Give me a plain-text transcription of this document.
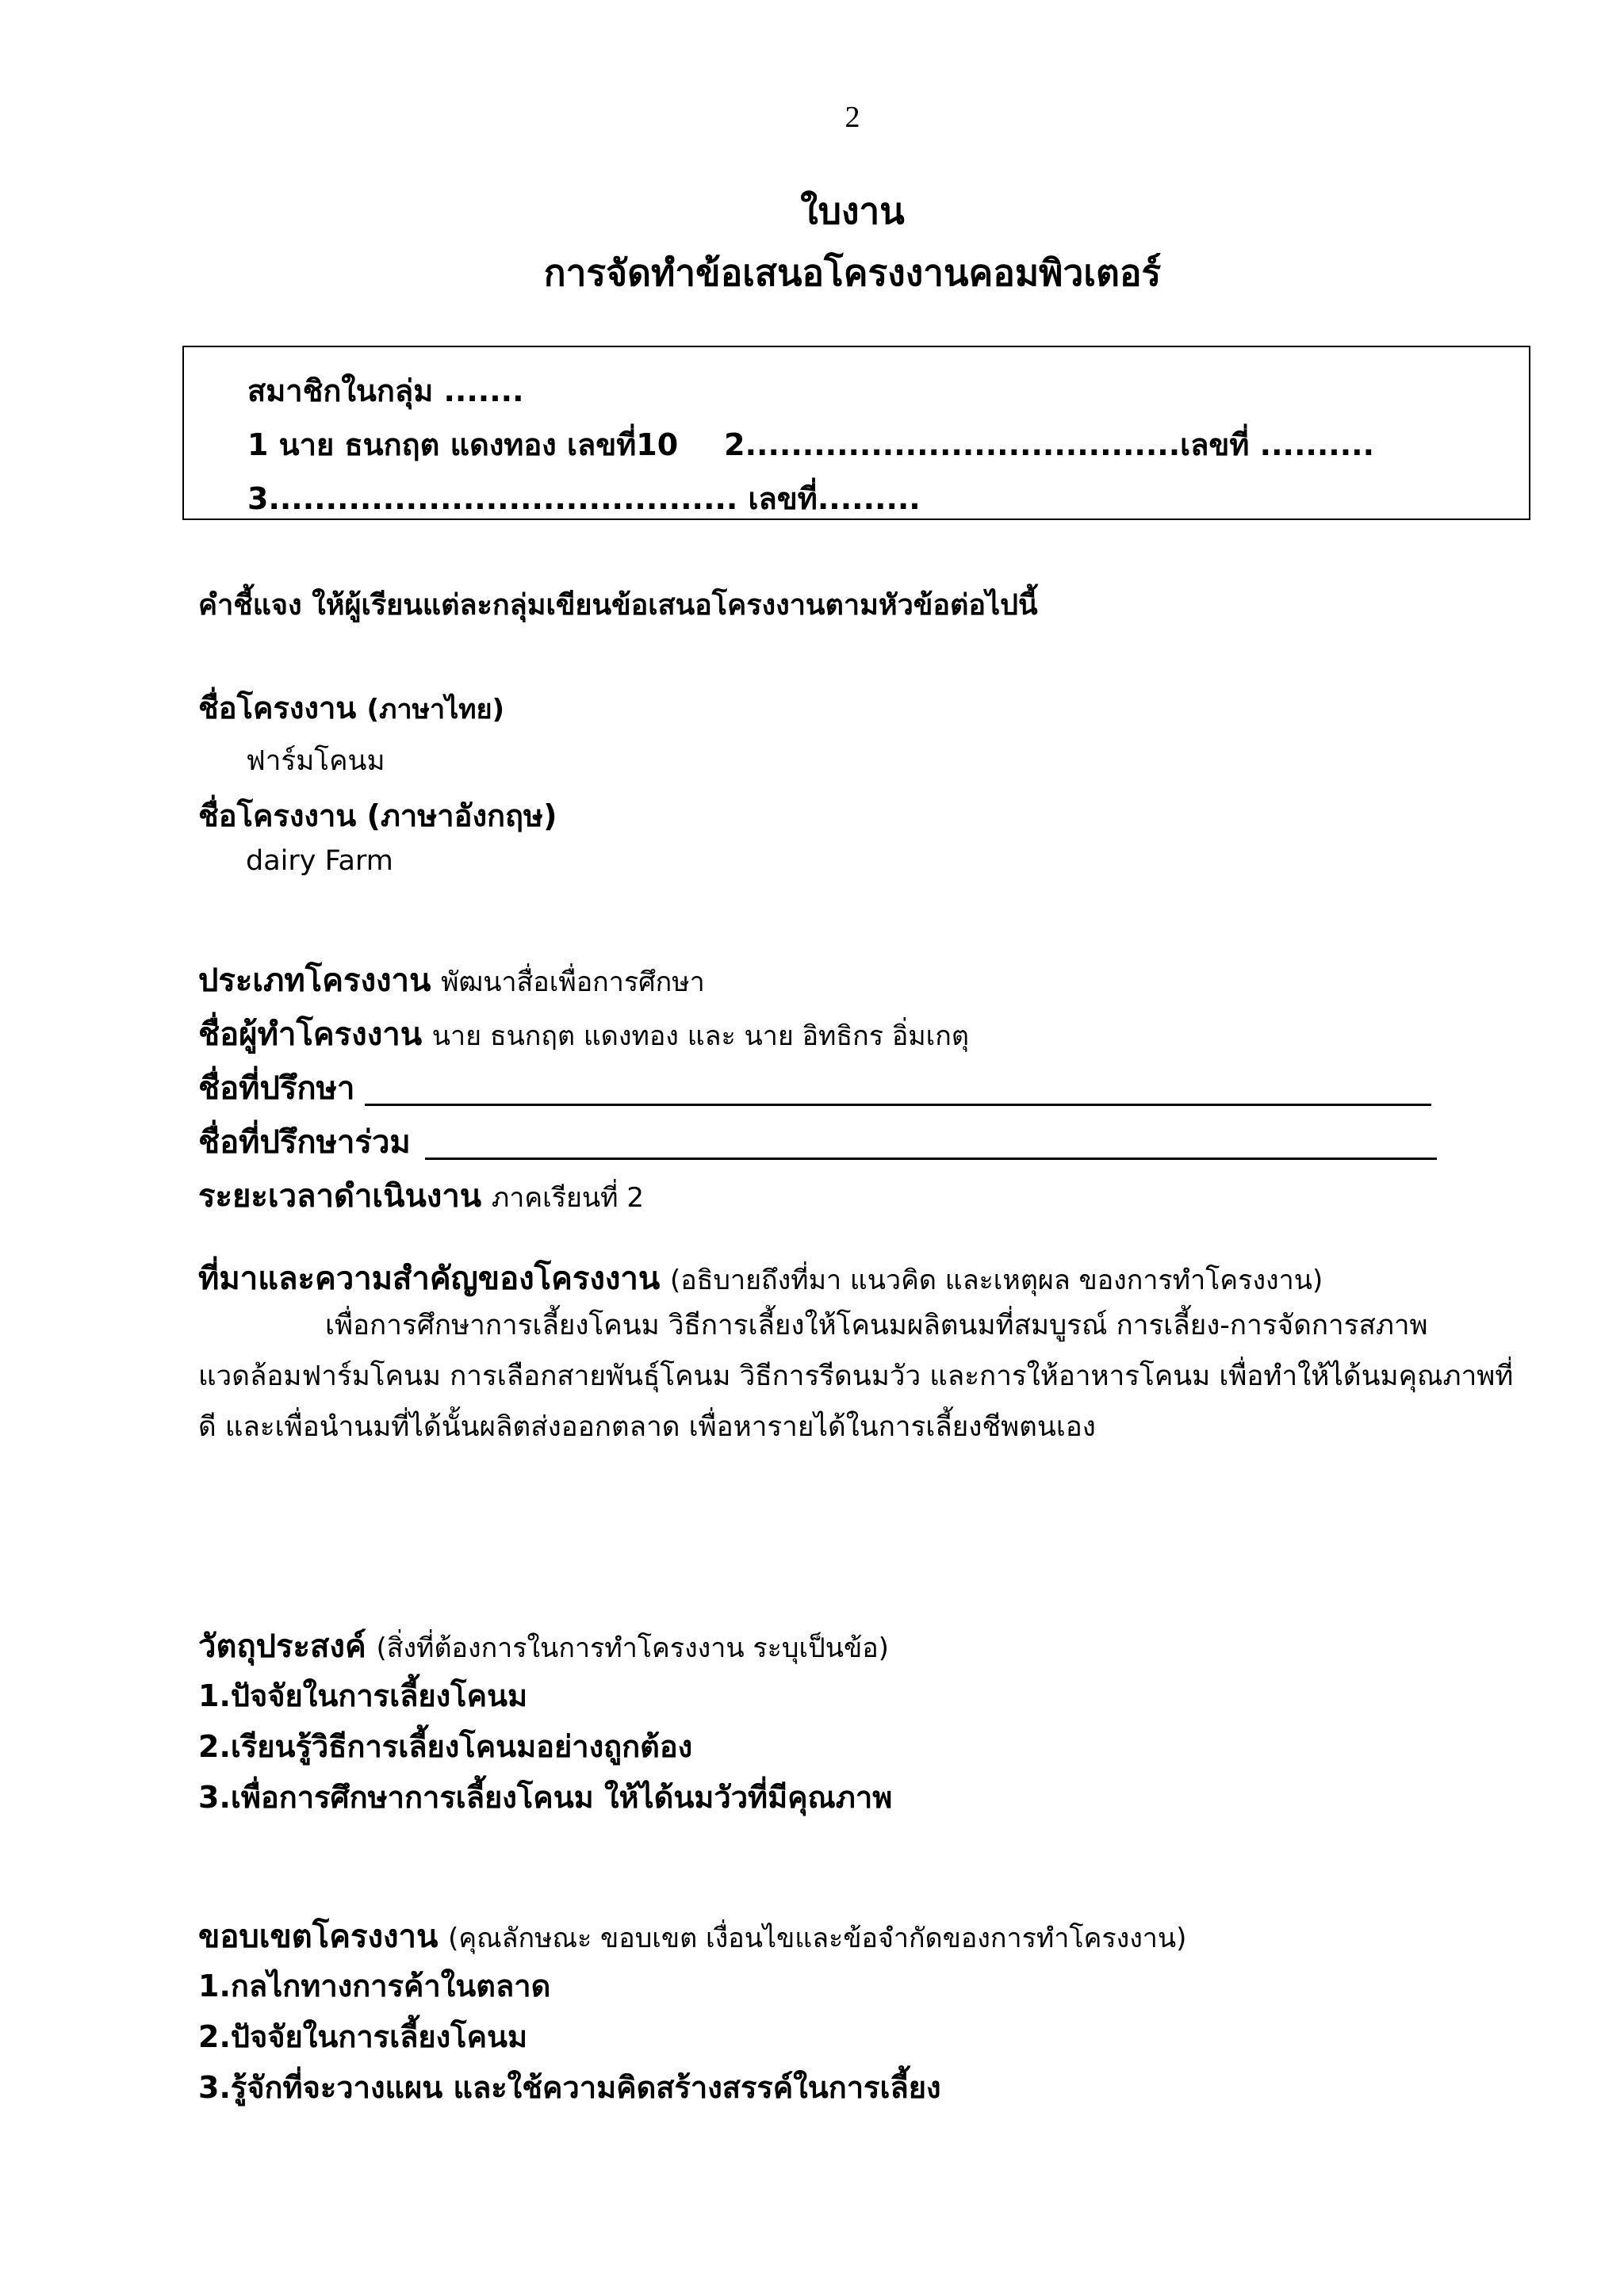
2
ใบงาน
การจัดทำข้อเสนอโครงงานคอมพิวเตอร์
สมาชิกในกลุ่ม .......
1 นาย ธนกฤต แดงทอง เลขที่10 2......................................เลขที่ ..........
3......................................... เลขที่.........
คำชี้แจง ให้ผู้เรียนแต่ละกลุ่มเขียนข้อเสนอโครงงานตามหัวข้อต่อไปนี้
ชื่อโครงงาน (ภาษาไทย)
ฟาร์มโคนม
ชื่อโครงงาน (ภาษาอังกฤษ)
dairy Farm
ประเภทโครงงาน พัฒนาสื่อเพื่อการศึกษา
ชื่อผู้ทำโครงงาน นาย ธนกฤต แดงทอง และ นาย อิทธิกร อิ่มเกตุ
ชื่อที่ปรึกษา
ชื่อที่ปรึกษาร่วม
ระยะเวลาดำเนินงาน ภาคเรียนที่ 2
ที่มาและความสำคัญของโครงงาน (อธิบายถึงที่มา แนวคิด และเหตุผล ของการทำโครงงาน)
เพื่อการศึกษาการเลี้ยงโคนม วิธีการเลี้ยงให้โคนมผลิตนมที่สมบูรณ์ การเลี้ยง-การจัดการสภาพแวดล้อมฟาร์มโคนม การเลือกสายพันธุ์โคนม วิธีการรีดนมวัว และการให้อาหารโคนม เพื่อทำให้ได้นมคุณภาพที่ดี และเพื่อนำนมที่ได้นั้นผลิตส่งออกตลาด เพื่อหารายได้ในการเลี้ยงชีพตนเอง
วัตถุประสงค์ (สิ่งที่ต้องการในการทำโครงงาน ระบุเป็นข้อ)
1.ปัจจัยในการเลี้ยงโคนม
2.เรียนรู้วิธีการเลี้ยงโคนมอย่างถูกต้อง
3.เพื่อการศึกษาการเลี้ยงโคนม ให้ได้นมวัวที่มีคุณภาพ
ขอบเขตโครงงาน (คุณลักษณะ ขอบเขต เงื่อนไขและข้อจำกัดของการทำโครงงาน)
1.กลไกทางการค้าในตลาด
2.ปัจจัยในการเลี้ยงโคนม
3.รู้จักที่จะวางแผน และใช้ความคิดสร้างสรรค์ในการเลี้ยง
